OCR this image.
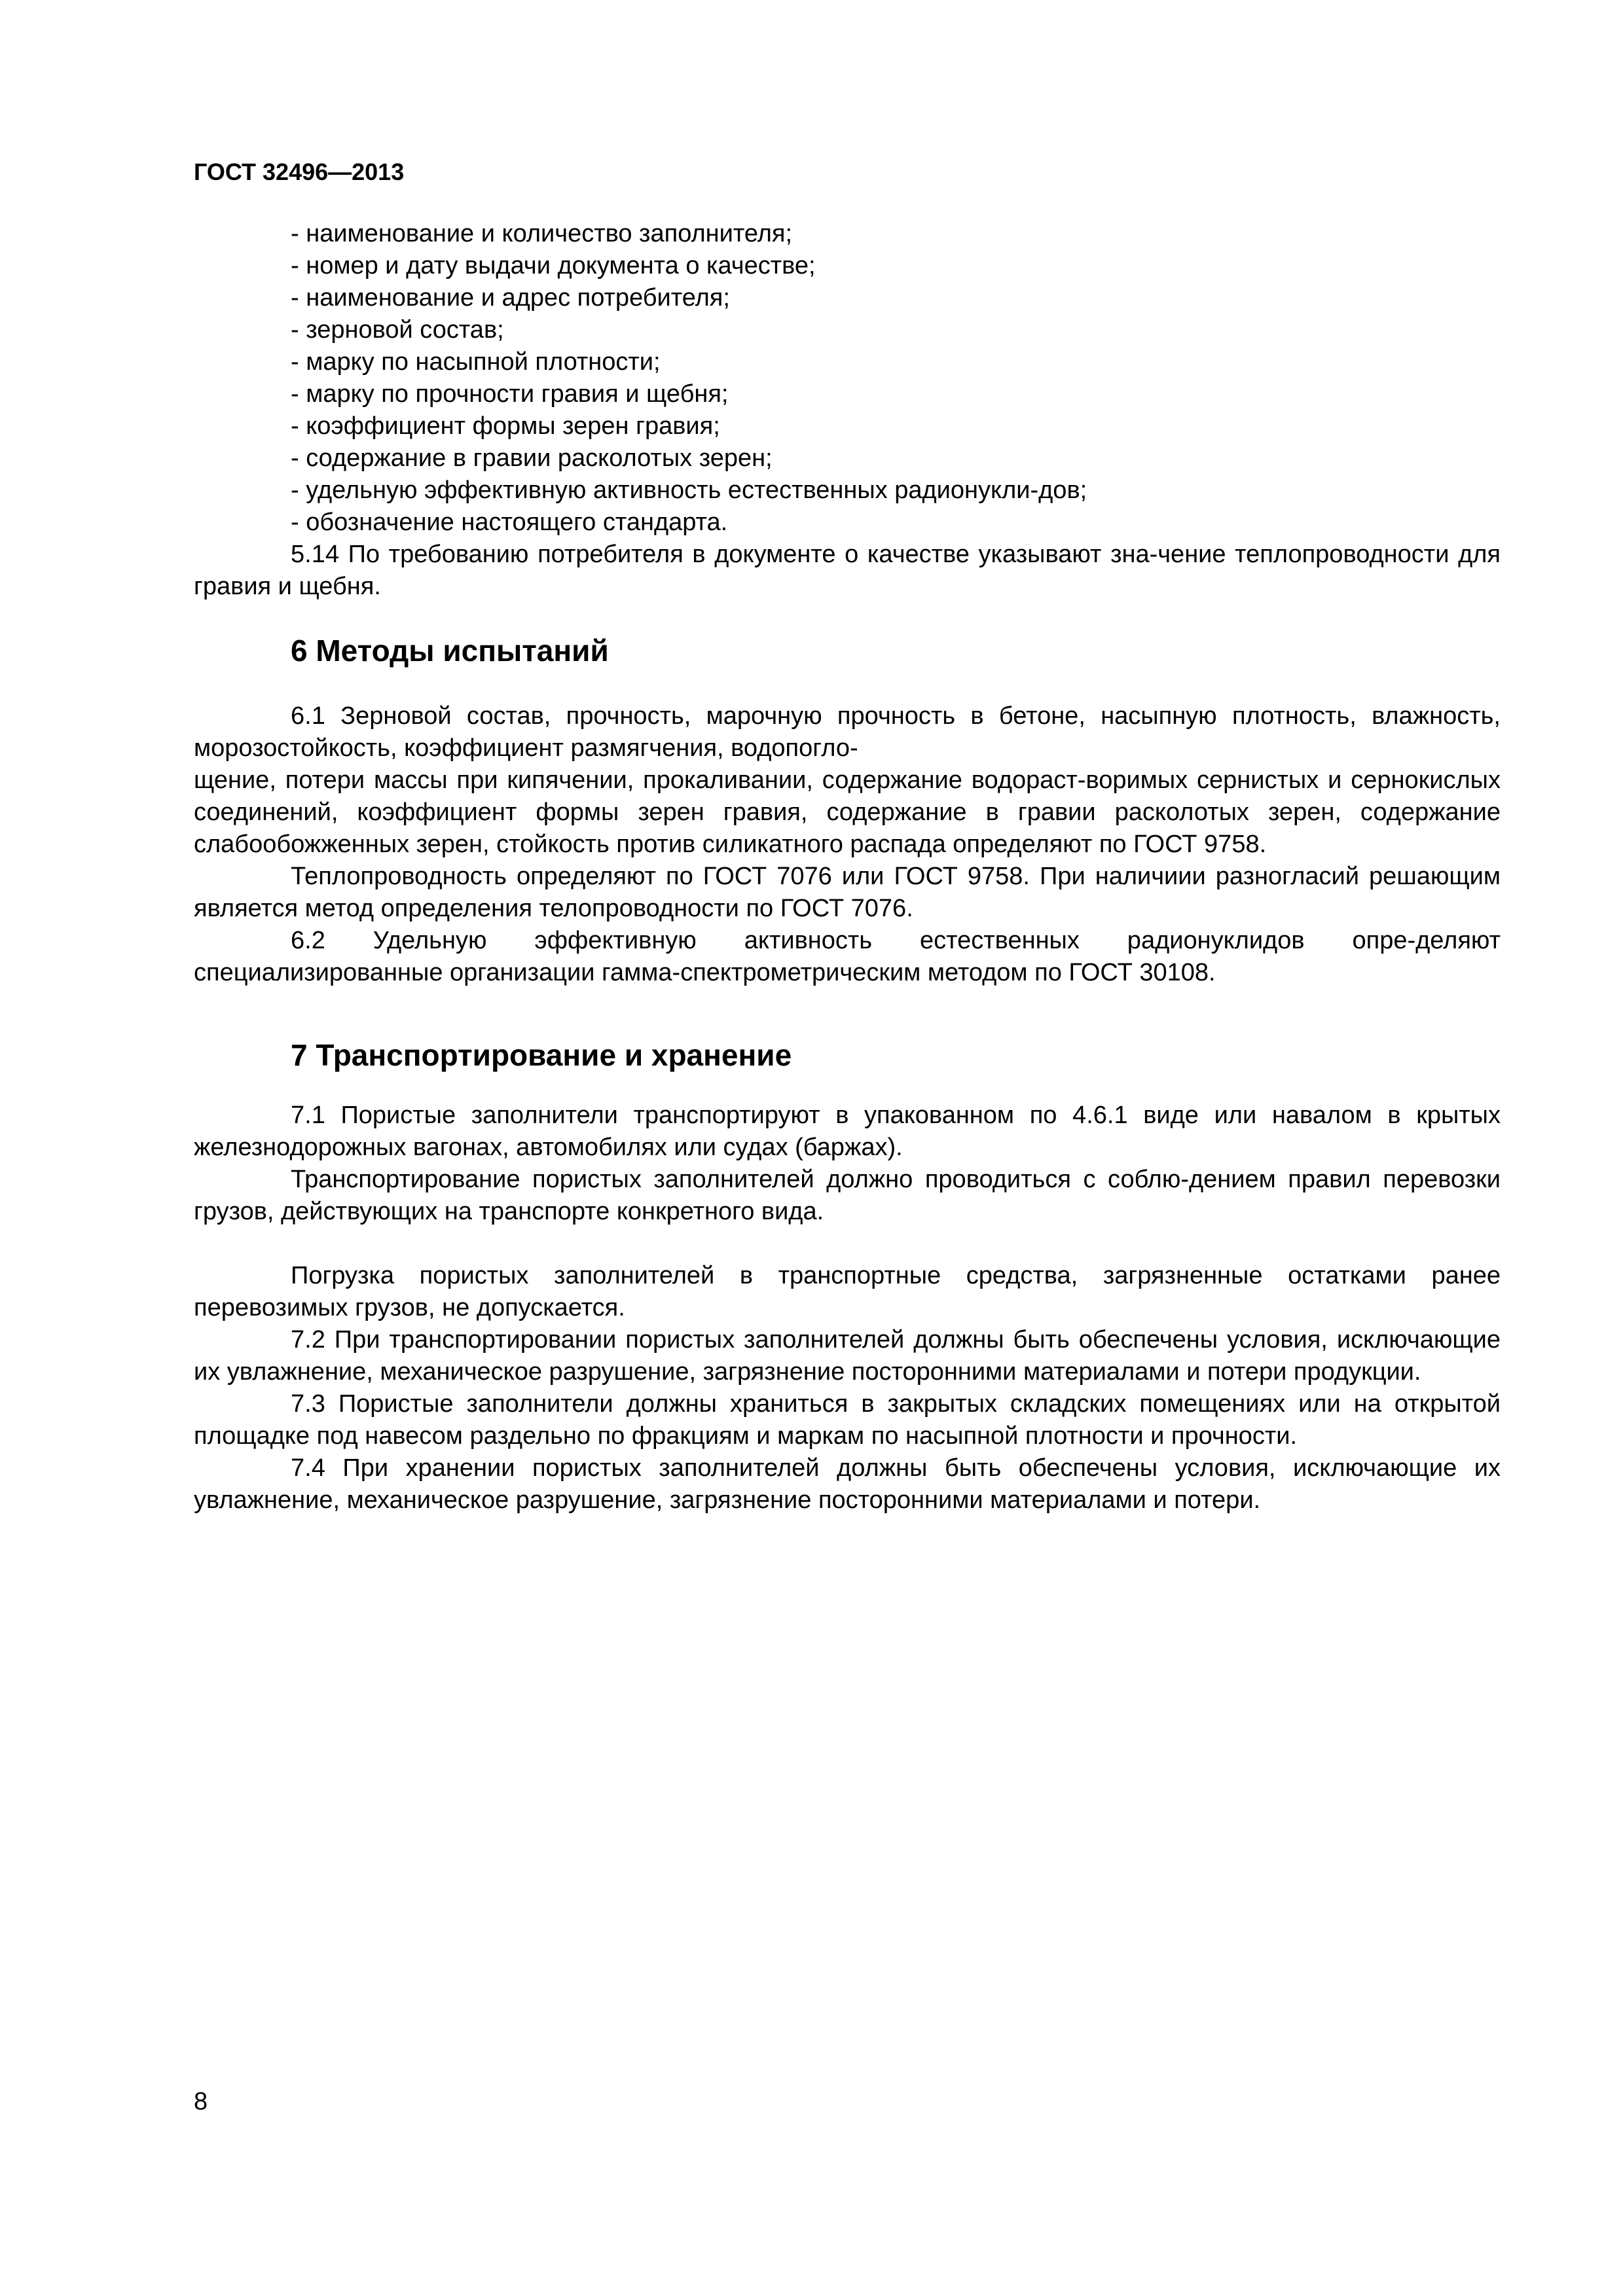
ГОСТ 32496—2013
- наименование и количество заполнителя;
- номер и дату выдачи документа о качестве;
- наименование и адрес потребителя;
- зерновой состав;
- марку по насыпной плотности;
- марку по прочности гравия и щебня;
- коэффициент формы зерен гравия;
- содержание в гравии расколотых зерен;
- удельную эффективную активность естественных радионукли-дов;
- обозначение настоящего стандарта.

5.14 По требованию потребителя в документе о качестве указывают зна-чение теплопроводности для гравия и щебня.

6 Методы испытаний

6.1 Зерновой состав, прочность, марочную прочность в бетоне, насыпную плотность, влажность, морозостойкость, коэффициент размягчения, водопогло-

щение, потери массы при кипячении, прокаливании, содержание водораст-воримых сернистых и сернокислых соединений, коэффициент формы зерен гравия, содержание в гравии расколотых зерен, содержание слабообожженных зерен, стойкость против силикатного распада определяют по ГОСТ 9758.

Теплопроводность определяют по ГОСТ 7076 или ГОСТ 9758. При наличиии разногласий решающим является метод определения телопроводности по ГОСТ 7076.

6.2 Удельную эффективную активность естественных радионуклидов опре-деляют специализированные организации гамма-спектрометрическим методом по ГОСТ 30108.

7 Транспортирование и хранение

7.1 Пористые заполнители транспортируют в упакованном по 4.6.1 виде или навалом в крытых железнодорожных вагонах, автомобилях или судах (баржах).

Транспортирование пористых заполнителей должно проводиться с соблю-дением правил перевозки грузов, действующих на транспорте конкретного вида.

Погрузка пористых заполнителей в транспортные средства, загрязненные остатками ранее перевозимых грузов, не допускается.

7.2 При транспортировании пористых заполнителей должны быть обеспечены условия, исключающие их увлажнение, механическое разрушение, загрязнение посторонними материалами и потери продукции.

7.3 Пористые заполнители должны храниться в закрытых складских помещениях или на открытой площадке под навесом раздельно по фракциям и маркам по насыпной плотности и прочности.

7.4 При хранении пористых заполнителей должны быть обеспечены условия, исключающие их увлажнение, механическое разрушение, загрязнение посторонними материалами и потери.

8
